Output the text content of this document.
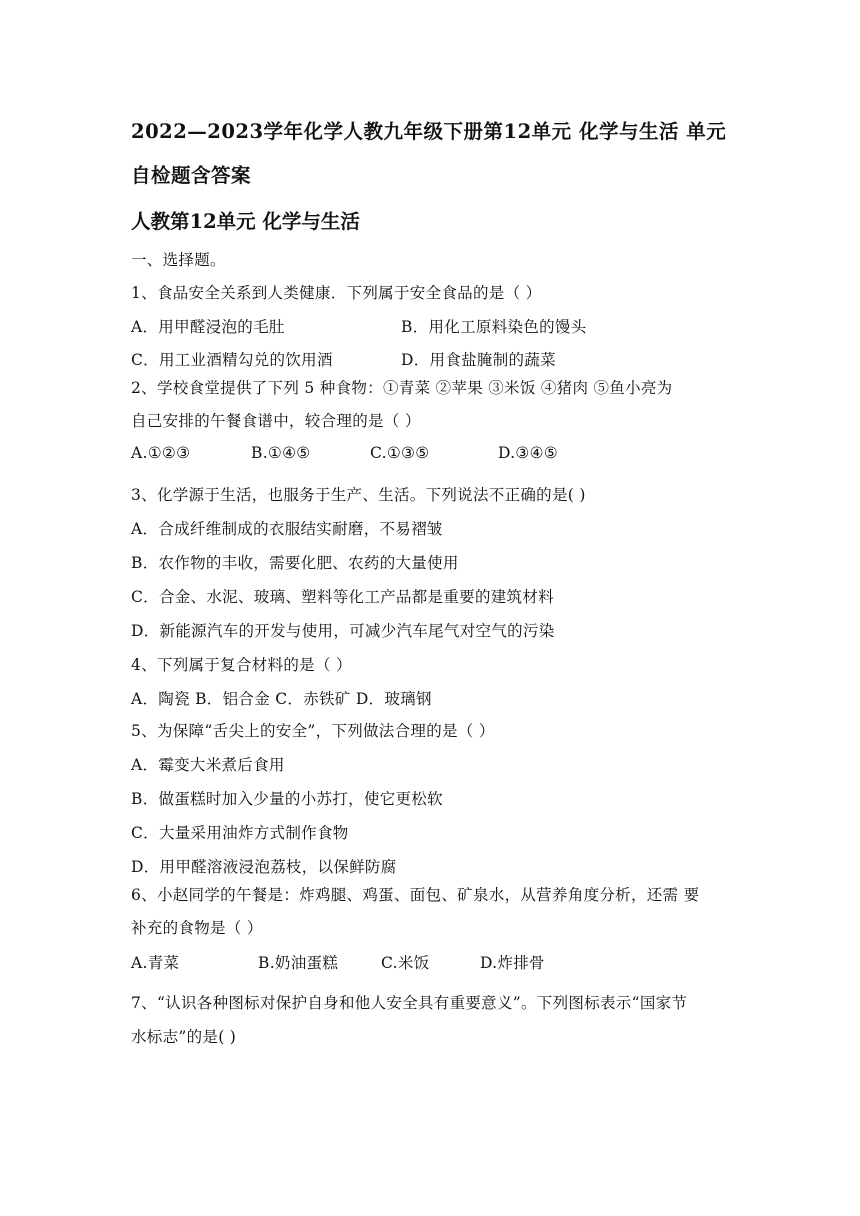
2022—2023学年化学人教九年级下册第12单元 化学与生活 单元
自检题含答案
人教第12单元 化学与生活
一、选择题。
1、食品安全关系到人类健康．下列属于安全食品的是（ ）
A．用甲醛浸泡的毛肚	B．用化工原料染色的馒头
C．用工业酒精勾兑的饮用酒	D．用食盐腌制的蔬菜
2、学校食堂提供了下列 5 种食物：①青菜 ②苹果 ③米饭 ④猪肉 ⑤鱼小亮为
自己安排的午餐食谱中，较合理的是（ ）
A.①②③	B.①④⑤	C.①③⑤	D.③④⑤
3、化学源于生活，也服务于生产、生活。下列说法不正确的是( )
A．合成纤维制成的衣服结实耐磨，不易褶皱
B．农作物的丰收，需要化肥、农药的大量使用
C．合金、水泥、玻璃、塑料等化工产品都是重要的建筑材料
D．新能源汽车的开发与使用，可减少汽车尾气对空气的污染
4、下列属于复合材料的是（ ）
A．陶瓷 B．铝合金 C．赤铁矿 D．玻璃钢
5、为保障“舌尖上的安全”，下列做法合理的是（ ）
A．霉变大米煮后食用
B．做蛋糕时加入少量的小苏打，使它更松软
C．大量采用油炸方式制作食物
D．用甲醛溶液浸泡荔枝，以保鲜防腐
6、小赵同学的午餐是：炸鸡腿、鸡蛋、面包、矿泉水，从营养角度分析，还需 要
补充的食物是（ ）
A.青菜	B.奶油蛋糕	C.米饭	D.炸排骨
7、“认识各种图标对保护自身和他人安全具有重要意义”。下列图标表示“国家节
水标志”的是( )
